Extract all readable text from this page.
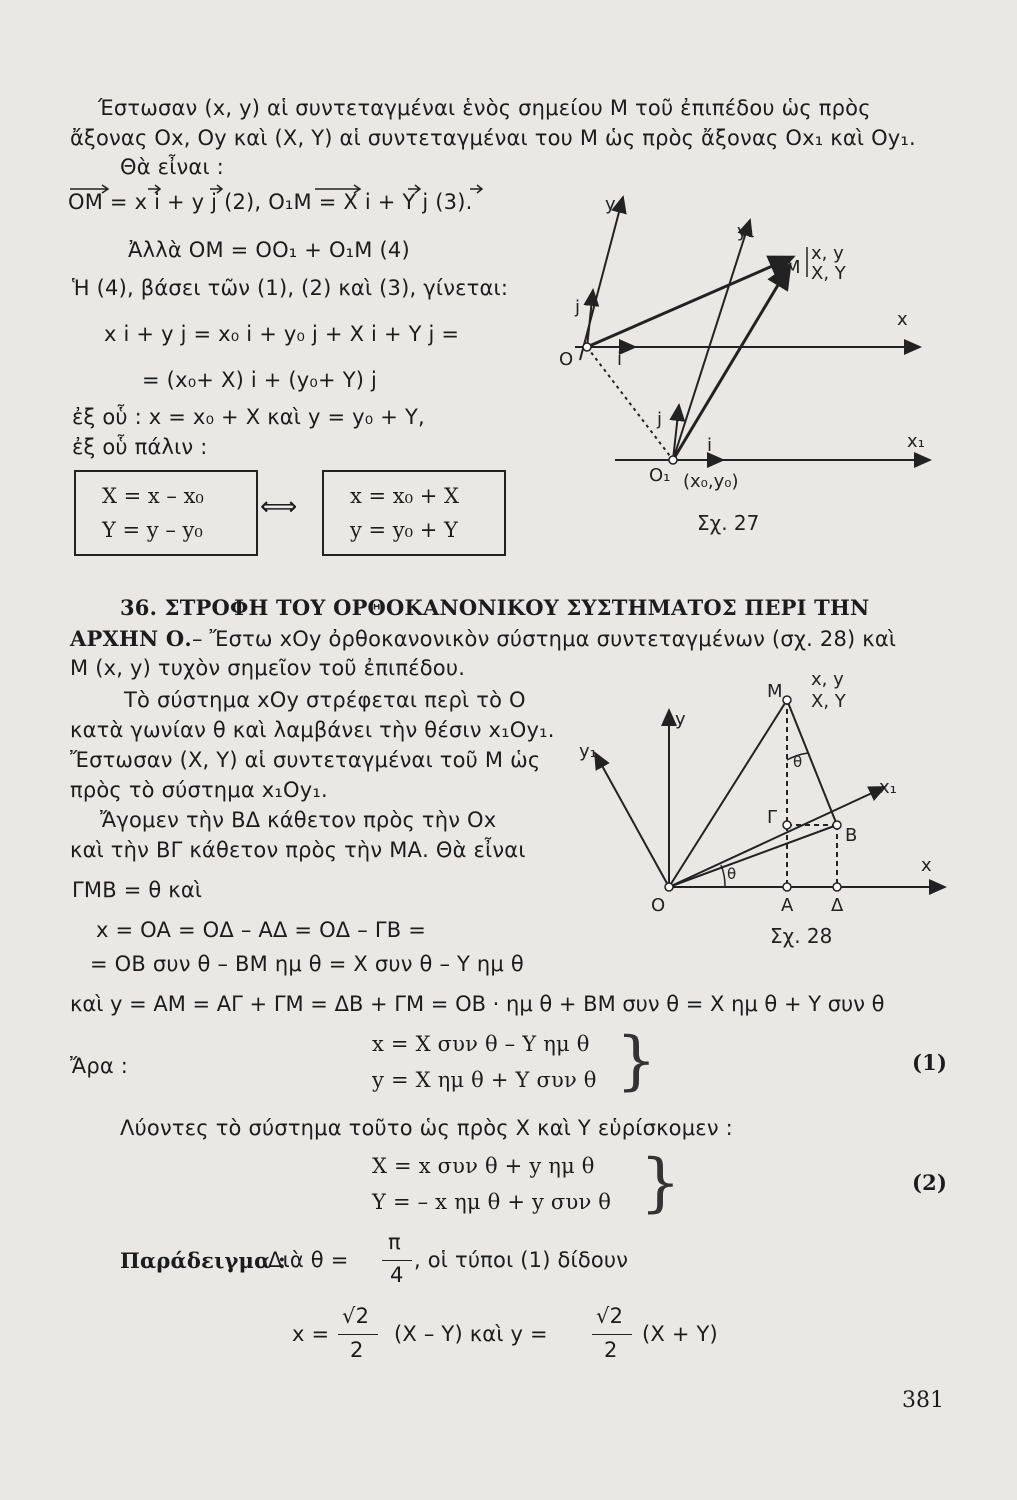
Έστωσαν (x, y) αἱ συντεταγμέναι ἑνὸς σημείου M τοῦ ἐπιπέδου ὡς πρὸς
ἄξονας Ox, Oy καὶ (X, Y) αἱ συντεταγμέναι του M ὡς πρὸς ἄξονας Ox₁ καὶ Oy₁.
Θὰ εἶναι :
OM = x i + y j (2), O₁M = X i + Y j (3).
Ἀλλὰ OM = OO₁ + O₁M (4)
Ἡ (4), βάσει τῶν (1), (2) καὶ (3), γίνεται:
x i + y j = x₀ i + y₀ j + X i + Y j =
= (x₀+ X) i + (y₀+ Y) j
ἐξ οὗ : x = x₀ + X καὶ y = y₀ + Y,
ἐξ οὗ πάλιν :
X = x – x₀
Y = y – y₀
⟺	x = x₀ + X
y = y₀ + Y
y
y₁
M
x, y
X, Y
x
O i
j
j
i	x₁
O₁ (x₀,y₀)
Σχ. 27
36. ΣΤΡΟΦΗ ΤΟΥ ΟΡΘΟΚΑΝΟΝΙΚΟΥ ΣΥΣΤΗΜΑΤΟΣ ΠΕΡΙ ΤΗΝ
ΑΡΧΗΝ Ο.– Ἔστω xOy ὀρθοκανονικὸν σύστημα συντεταγμένων (σχ. 28) καὶ
M (x, y) τυχὸν σημεῖον τοῦ ἐπιπέδου.
Τὸ σύστημα xOy στρέφεται περὶ τὸ O
κατὰ γωνίαν θ καὶ λαμβάνει τὴν θέσιν x₁Oy₁.
Ἔστωσαν (X, Y) αἱ συντεταγμέναι τοῦ M ὡς
πρὸς τὸ σύστημα x₁Oy₁.
Ἄγομεν τὴν ΒΔ κάθετον πρὸς τὴν Ox
καὶ τὴν ΒΓ κάθετον πρὸς τὴν ΜΑ. Θὰ εἶναι
ΓΜΒ = θ καὶ
M
x, y
X, Y
y
y₁	θ
x₁
Γ
B
θ	x
O	A Δ
Σχ. 28
x = OA = OΔ – AΔ = OΔ – ΓB =
= OB συν θ – BM ημ θ = X συν θ – Y ημ θ
καὶ y = AM = AΓ + ΓM = ΔB + ΓM = OB · ημ θ + BM συν θ = X ημ θ + Y συν θ
Ἄρα :
x = X συν θ – Y ημ θ
y = X ημ θ + Y συν θ }	(1)
Λύοντες τὸ σύστημα τοῦτο ὡς πρὸς X καὶ Y εὑρίσκομεν :
X = x συν θ + y ημ θ
Y = – x ημ θ + y συν θ }	(2)
Παράδειγμα :
Διὰ θ =
π
4
, οἱ τύποι (1) δίδουν
x =
√2
2
(X – Y) καὶ y =
√2
2
(X + Y)
381
